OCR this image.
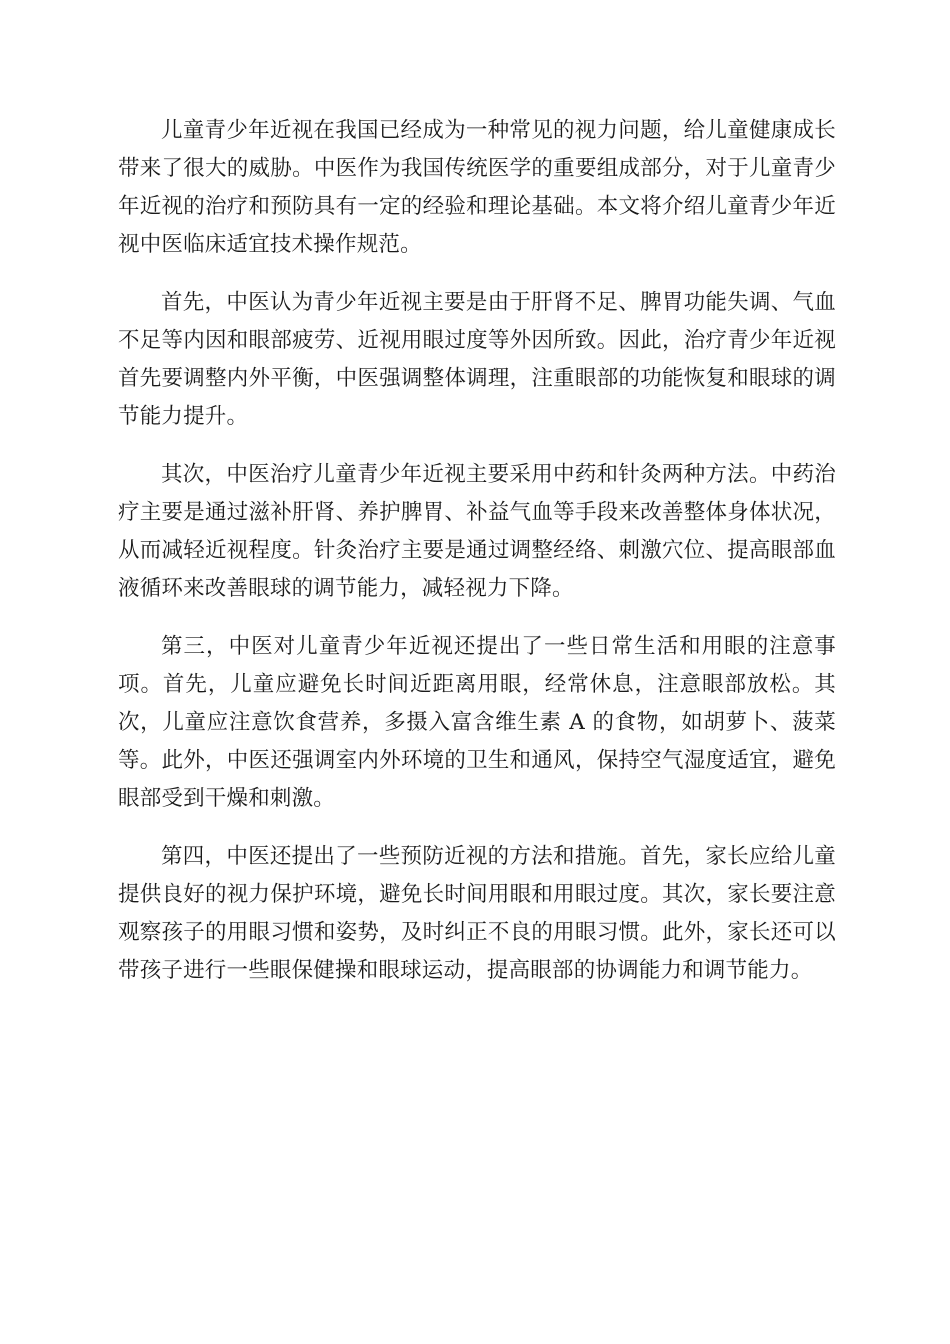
儿童青少年近视在我国已经成为一种常见的视力问题，给儿童健康成长带来了很大的威胁。中医作为我国传统医学的重要组成部分，对于儿童青少年近视的治疗和预防具有一定的经验和理论基础。本文将介绍儿童青少年近视中医临床适宜技术操作规范。

首先，中医认为青少年近视主要是由于肝肾不足、脾胃功能失调、气血不足等内因和眼部疲劳、近视用眼过度等外因所致。因此，治疗青少年近视首先要调整内外平衡，中医强调整体调理，注重眼部的功能恢复和眼球的调节能力提升。

其次，中医治疗儿童青少年近视主要采用中药和针灸两种方法。中药治疗主要是通过滋补肝肾、养护脾胃、补益气血等手段来改善整体身体状况，从而减轻近视程度。针灸治疗主要是通过调整经络、刺激穴位、提高眼部血液循环来改善眼球的调节能力，减轻视力下降。

第三，中医对儿童青少年近视还提出了一些日常生活和用眼的注意事项。首先，儿童应避免长时间近距离用眼，经常休息，注意眼部放松。其次，儿童应注意饮食营养，多摄入富含维生素 A 的食物，如胡萝卜、菠菜等。此外，中医还强调室内外环境的卫生和通风，保持空气湿度适宜，避免眼部受到干燥和刺激。

第四，中医还提出了一些预防近视的方法和措施。首先，家长应给儿童提供良好的视力保护环境，避免长时间用眼和用眼过度。其次，家长要注意观察孩子的用眼习惯和姿势，及时纠正不良的用眼习惯。此外，家长还可以带孩子进行一些眼保健操和眼球运动，提高眼部的协调能力和调节能力。
